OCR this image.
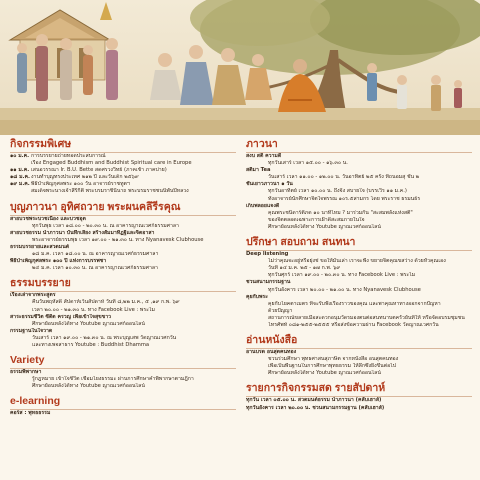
กิจกรรมพิเศษ
๑๐ ม.ค. การบรรยายถ่ายทอดประสบการณ์
เรื่อง Engaged Buddhism and Buddhist Spiritual care in Europe
๑๑ ม.ค. เสนอวรรณา Ir. B.U. Bette สดศรวงวิทย์ (ภาคเช้า ภาคบ่าย)
๑๘ ม.ค.งานทำบุญทรงประเทศ ๒๑๒ ปี และวันเด็ก ๒๕๖๙
๑๙ ม.ค.พิธีบำเพ็ญกุศลพระ ๑๐๐ วัน อาจารย์ราชทูตฯ
สมเด็จพระนางเจ้าสิริกิติ์ พระบรมราชินีนาถ พระบรมราชชนนีพันปีหลวง
บุญภาวนา อุทิศถวาย พระผนคลึรีรคุณ
สายบวชพระบวชเนื่อง และบวชอุต
ทุกวันพุธ เวลา ๑๘.๐๐ - ๒๐.๓๐ น. ณ อาคารญาณเวศก์ธรรมศาลา
สายบวชธรรม นำภาวนา บันทึกเสียง สร้างสัมมาทิฏฐิและจิตอาสา
พระอาจารย์ธรรมพุธ เวลา ๑๙.๐๐ - ๒๑.๓๐ น. ทาง Nyanavesk Clubhouse
ธรรมบรรยายและสวดมนต์
๑๘ ม.ค. เวลา ๑๘.๐๐ น. ณ อาคารญาณเวศก์ธรรมศาลา
พิธีบำเพ็ญกุศลพระ ๑๐๐ ปี แห่งการบรรพชา
๒๔ ม.ค. เวลา ๑๐.๓๐ น. ณ อาคารญาณเวศก์ธรรมศาลา
ธรรมบรรยาย
เรื่องเล่าจากพระสูตร
คืนวันพฤหัสดี สัปดาห์เว้นสัปดาห์ วันที่ ๘,๒๒ ม.ค., ๕ ,๑๙ ก.พ. ๖๙
เวลา ๒๐.๐๐ - ๒๑.๓๐ น. ทาง Facebook Live : พระไม
สาระธรรมชีวิต ซีดีด ครวญ เพื่อเข้าใจสุขขาว
ศึกษาย้อนหลังได้ทาง Youtube ญาณเวศก์ออนไลน์
กรรมฐานในใจวาด
วันเสาร์ เวลา ๑๙.๐๐ - ๒๑.๓๐ น. ณ พระบุญเสพ วัดญาณเวศกวัน
และทางเพจสาธาร Youtube : Buddhist Dhamma
Variety
ธรรมพิพากษา
รู้กฎหมาย เข้าใจชีวิต เชื่อมโยงธรรมะ ผ่านการศึกษาคำพิพากษาตามฎีกา
ศึกษาย้อนหลังได้ทาง Youtube ญาณเวศก์ออนไลน์
e-learning
คอร์ส : พุทธธรรม
ภาวนา
สงบ สติ ความดี
ทุกวันเสาร์ เวลา ๑๕.๐๐ - ๑๖.๓๐ น.
สติมา Tea
วันเสาร์ เวลา ๑๑.๐๐ - ๑๒.๐๐ น. วันอาทิตย์ ๒๕ ครั้ง ที่ถนอมสุ ชั้น ๒
ชั้นเยาวภาวนา ๑ วัน
ทุกวันอาทิตย์ เวลา ๑๐.๐๐ น. ถึงจีง สบายใจ (บรรเวิร ๑๑ ม.ค.)
ทั้งอาจารย์นักศึกษาจิตใจพรรณ ๑๐ร.๕สามกร โดย พระราช ธรมนธ์ร
เก็บพลอยแจงดี
คุณพระชนิดาร์ตีภด ๑๐ นาที่ไหม ? มาร่วมกัน "สะสมพลังแห่งสติ"
ของจิตตลอดเฉพาะการเฝ้าดีสะสมภายในใจ
ศึกษาย้อนหลังได้ทาง Youtube ญาณเวศก์ออนไลน์
ปรึกษา สอบถาม สนทนา
Deep listening
ไม่ว่าคุณจะอยู่หรือยุ่งช่ ขอให้มันเล่า เราจะฟัง ขยายจิตคุณขสว่าง ด้วยหัวคุณเอง
วันที่ ๑๔ ม.ค. ๒๕ - ๑๗ ก.พ. ๖๙
ทุกวันศุกร์ เวลา ๑๙.๐๐ - ๒๐.๓๐ น. ทาง Facebook Live : พระไม
ชวนสนามกรรมฐาน
ทุกวันอังคาร เวลา ๒๐.๐๐ - ๒๑.๐๐ น. ทาง Nyanavesk Clubhouse
คุยกับพระ
คุยกับโยคตาเมตร ที่จะรับฟังเรื่องราวของคุณ และพาคุณหาทางออกจากปัญหา
ด้วยปัญญา
สถานการณ์ขลายเมื่อสะดวกอนุมวัดรมองตนต่อสนทนาบตครัวย้นที่ให้ หรือจัดอบรมชุมชน
โทรศัพท์ ๐๘๑-๒๕๕-๒๕๕๕ หรือส่งข้อความผ่าน Facebook วัดญาณเวศกวัน
อ่านหนังสือ
อานบรด อนสุตคนทอง
ชวนร่วมศึกษา พุทธศาสนสุภาษิต จากหนังสือ อนสุตคนทอง
เพื่อเป็นพื้นฐานในการศึกษาพุทธธรรม ให้ลึกซึ้งยิ่งขึ้นต่อไป
ศึกษาย้อนหลังได้ทาง Youtube ญาณเวศก์ออนไลน์
รายการกิจกรรมสด รายสัปดาห์
ทุกวัน เวลา ๐๕.๐๐ น. สวดมนต์ธรรม นำภาวนา (คลับเฮาส์)
ทุกวันอังคาร เวลา ๒๐.๐๐ น. ชวนสนามกรรมฐาน (คลับเฮาส์)
